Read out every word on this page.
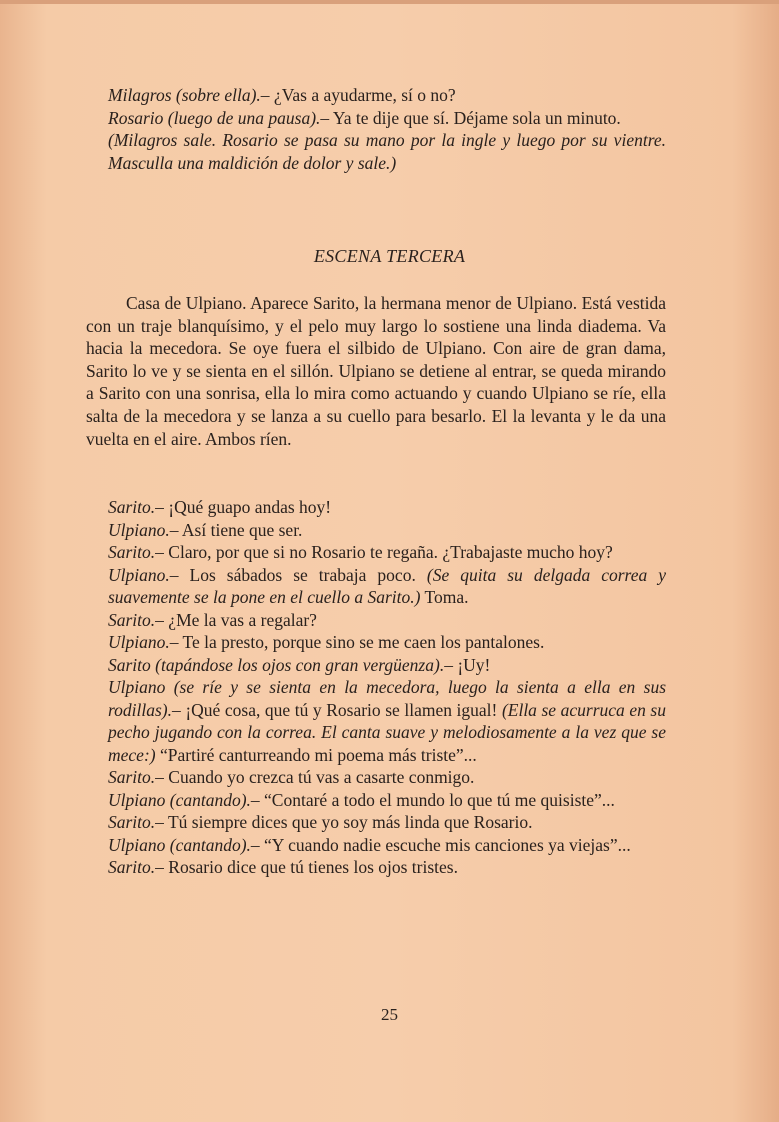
Milagros (sobre ella).– ¿Vas a ayudarme, sí o no?

Rosario (luego de una pausa).– Ya te dije que sí. Déjame sola un minuto.

(Milagros sale. Rosario se pasa su mano por la ingle y luego por su vientre. Masculla una maldición de dolor y sale.)

ESCENA TERCERA

Casa de Ulpiano. Aparece Sarito, la hermana menor de Ulpiano. Está vestida con un traje blanquísimo, y el pelo muy largo lo sostiene una linda diadema. Va hacia la mecedora. Se oye fuera el silbido de Ulpiano. Con aire de gran dama, Sarito lo ve y se sienta en el sillón. Ulpiano se detiene al entrar, se queda mirando a Sarito con una sonrisa, ella lo mira como actuando y cuando Ulpiano se ríe, ella salta de la mecedora y se lanza a su cuello para besarlo. El la levanta y le da una vuelta en el aire. Ambos ríen.

Sarito.– ¡Qué guapo andas hoy!

Ulpiano.– Así tiene que ser.

Sarito.– Claro, por que si no Rosario te regaña. ¿Trabajaste mucho hoy?

Ulpiano.– Los sábados se trabaja poco. (Se quita su delgada correa y suavemente se la pone en el cuello a Sarito.) Toma.

Sarito.– ¿Me la vas a regalar?

Ulpiano.– Te la presto, porque sino se me caen los pantalones.

Sarito (tapándose los ojos con gran vergüenza).– ¡Uy!

Ulpiano (se ríe y se sienta en la mecedora, luego la sienta a ella en sus rodillas).– ¡Qué cosa, que tú y Rosario se llamen igual! (Ella se acurruca en su pecho jugando con la correa. El canta suave y melodiosamente a la vez que se mece:) “Partiré canturreando mi poema más triste”...

Sarito.– Cuando yo crezca tú vas a casarte conmigo.

Ulpiano (cantando).– “Contaré a todo el mundo lo que tú me quisiste”...

Sarito.– Tú siempre dices que yo soy más linda que Rosario.

Ulpiano (cantando).– “Y cuando nadie escuche mis canciones ya viejas”...

Sarito.– Rosario dice que tú tienes los ojos tristes.

25
